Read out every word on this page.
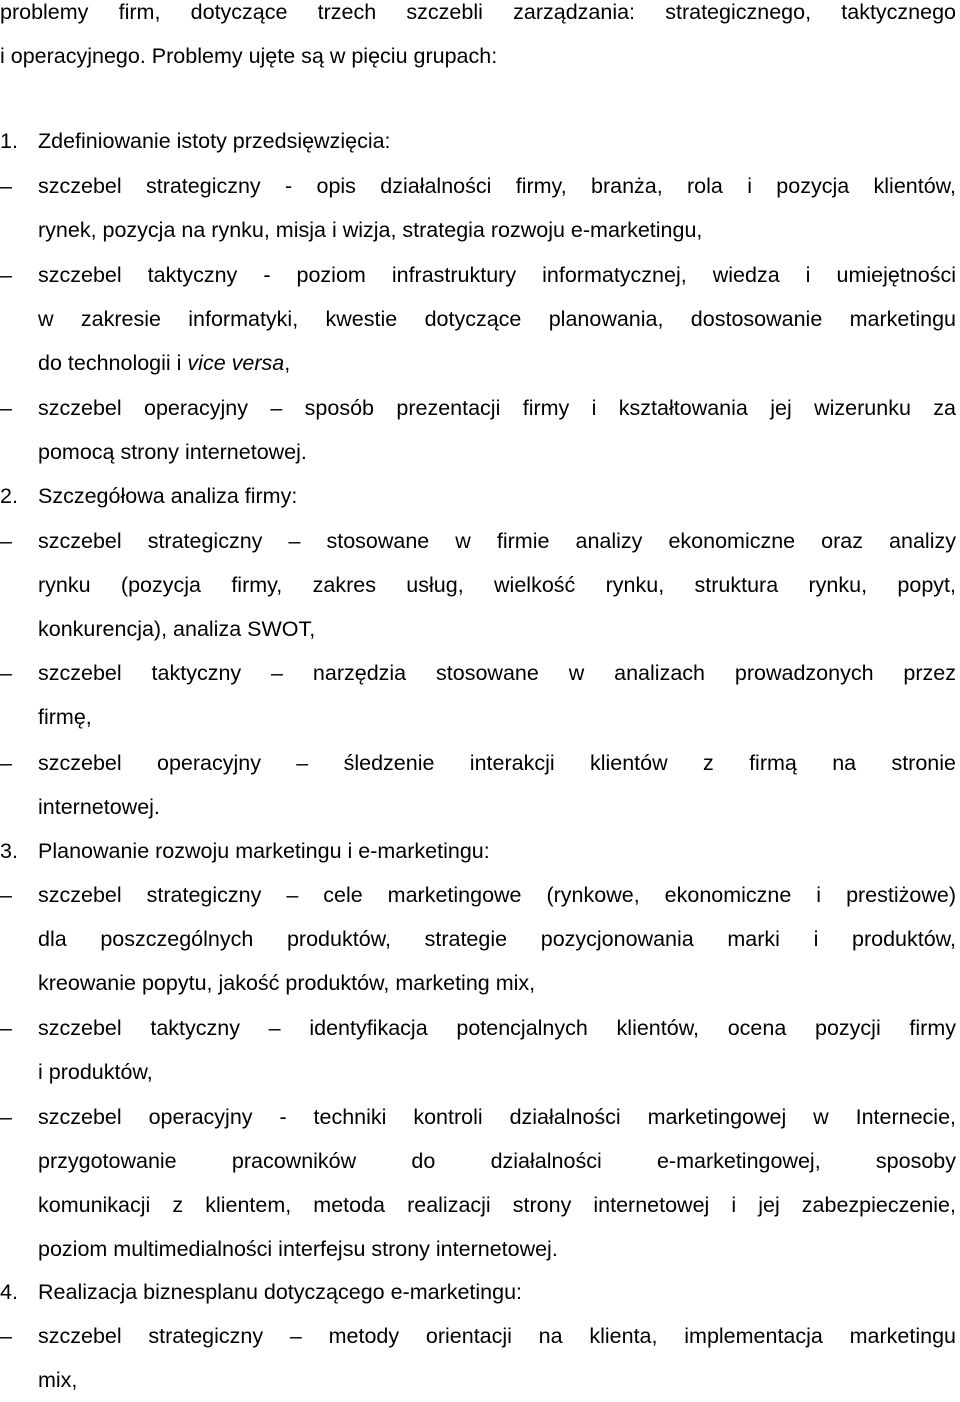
problemy firm, dotyczące trzech szczebli zarządzania: strategicznego, taktycznego
i operacyjnego. Problemy ujęte są w pięciu grupach:
1. Zdefiniowanie istoty przedsięwzięcia:
– szczebel strategiczny - opis działalności firmy, branża, rola i pozycja klientów,
rynek, pozycja na rynku, misja i wizja, strategia rozwoju e-marketingu,
– szczebel taktyczny - poziom infrastruktury informatycznej, wiedza i umiejętności
w zakresie informatyki, kwestie dotyczące planowania, dostosowanie marketingu
do technologii i vice versa,
– szczebel operacyjny – sposób prezentacji firmy i kształtowania jej wizerunku za
pomocą strony internetowej.
2. Szczegółowa analiza firmy:
– szczebel strategiczny – stosowane w firmie analizy ekonomiczne oraz analizy
rynku (pozycja firmy, zakres usług, wielkość rynku, struktura rynku, popyt,
konkurencja), analiza SWOT,
– szczebel taktyczny – narzędzia stosowane w analizach prowadzonych przez
firmę,
– szczebel operacyjny – śledzenie interakcji klientów z firmą na stronie
internetowej.
3. Planowanie rozwoju marketingu i e-marketingu:
– szczebel strategiczny – cele marketingowe (rynkowe, ekonomiczne i prestiżowe)
dla poszczególnych produktów, strategie pozycjonowania marki i produktów,
kreowanie popytu, jakość produktów, marketing mix,
– szczebel taktyczny – identyfikacja potencjalnych klientów, ocena pozycji firmy
i produktów,
– szczebel operacyjny - techniki kontroli działalności marketingowej w Internecie,
przygotowanie pracowników do działalności e-marketingowej, sposoby
komunikacji z klientem, metoda realizacji strony internetowej i jej zabezpieczenie,
poziom multimedialności interfejsu strony internetowej.
4. Realizacja biznesplanu dotyczącego e-marketingu:
– szczebel strategiczny – metody orientacji na klienta, implementacja marketingu
mix,
